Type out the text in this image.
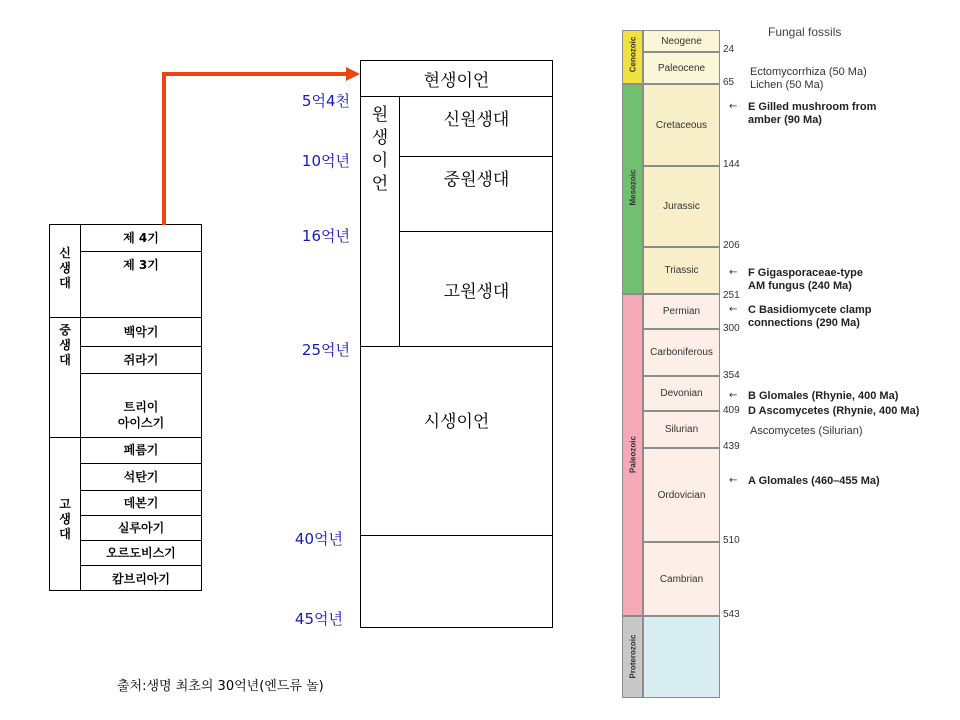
신
생
대
중
생
대
고
생
대
제 4기
제 3기
백악기
쥐라기
트리이
아이스기
페름기
석탄기
데본기
실루아기
오르도비스기
캄브리아기
현생이언
원
생
이
언
신원생대
중원생대
고원생대
시생이언
5억4천
10억년
16억년
25억년
40억년
45억년
출처:생명 최초의 30억년(엔드류 놀)
Fungal fossils
Cenozoic
Mesozoic
Paleozoic
Proterozoic
Neogene
Paleocene
Cretaceous
Jurassic
Triassic
Permian
Carboniferous
Devonian
Silurian
Ordovician
Cambrian
24
65
144
206
251
300
354
409
439
510
543
Ectomycorrhiza (50 Ma)
Lichen (50 Ma)
Ascomycetes (Silurian)
← E Gilled mushroom from
amber (90 Ma)
← F Gigasporaceae-type
AM fungus (240 Ma)
← C Basidiomycete clamp
connections (290 Ma)
← B Glomales (Rhynie, 400 Ma)
D Ascomycetes (Rhynie, 400 Ma)
← A Glomales (460–455 Ma)
